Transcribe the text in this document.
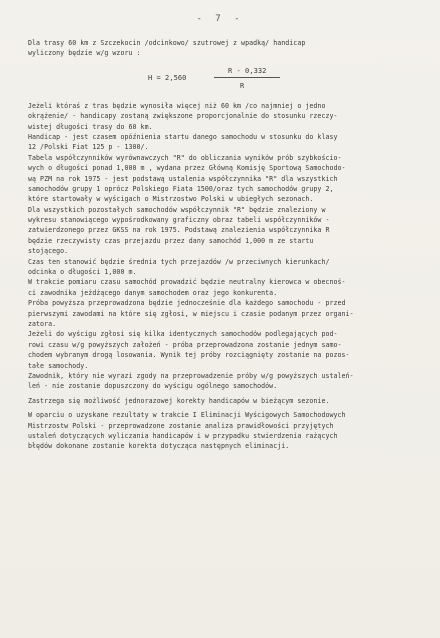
- 7 -
Dla trasy 60 km z Szczekocin /odcinkowo/ szutrowej z wpadką/ handicap
wyliczony będzie w/g wzoru :
H = 2,560
R - 0,332
R
Jeżeli któraś z tras będzie wynosiła więcej niż 60 km /co najmniej o jedno
okrążenie/ - handicapy zostaną zwiększone proporcjonalnie do stosunku rzeczy-
wistej długości trasy do 60 km.
Handicap - jest czasem opóźnienia startu danego samochodu w stosunku do klasy
12 /Polski Fiat 125 p - 1300/.
Tabela współczynników wyrównawczych "R" do obliczania wyników prób szybkościo-
wych o długości ponad 1,000 m , wydana przez Główną Komisję Sportową Samochodo-
wą PZM na rok 1975 - jest podstawą ustalenia współczynnika "R" dla wszystkich
samochodów grupy 1 oprócz Polskiego Fiata 1500/oraz tych samochodów grupy 2,
które startowały w wyścigach o Mistrzostwo Polski w ubiegłych sezonach.
Dla wszystkich pozostałych samochodów współczynnik "R" będzie znaleziony w
wykresu stanowiącego wypośrodkowany graficzny obraz tabeli współczynników -
zatwierdzonego przez GKSS na rok 1975. Podstawą znalezienia współczynnika R
będzie rzeczywisty czas przejazdu przez dany samochód 1,000 m ze startu
stojącego.
Czas ten stanowić będzie średnia tych przejazdów /w przeciwnych kierunkach/
odcinka o długości 1,000 m.
W trakcie pomiaru czasu samochód prowadzić będzie neutralny kierowca w obecnoś-
ci zawodnika jeżdżącego danym samochodem oraz jego konkurenta.
Próba powyższa przeprowadzona będzie jednocześnie dla każdego samochodu - przed
pierwszymi zawodami na które się zgłosi, w miejscu i czasie podanym przez organi-
zatora.
Jeżeli do wyścigu zgłosi się kilka identycznych samochodów podlegających pod-
rowi czasu w/g powyższych założeń - próba przeprowadzona zostanie jednym samo-
chodem wybranym drogą losowania. Wynik tej próby rozciągnięty zostanie na pozos-
tałe samochody.
Zawodnik, który nie wyrazi zgody na przeprowadzenie próby w/g powyższych ustaleń-
leń - nie zostanie dopuszczony do wyścigu ogólnego samochodów.
Zastrzega się możliwość jednorazowej korekty handicapów w bieżącym sezonie.
W oparciu o uzyskane rezultaty w trakcie I Eliminacji Wyścigowych Samochodowych
Mistrzostw Polski - przeprowadzone zostanie analiza prawidłowości przyjętych
ustaleń dotyczących wyliczania handicapów i w przypadku stwierdzenia rażących
błędów dokonane zostanie korekta dotycząca następnych eliminacji.
